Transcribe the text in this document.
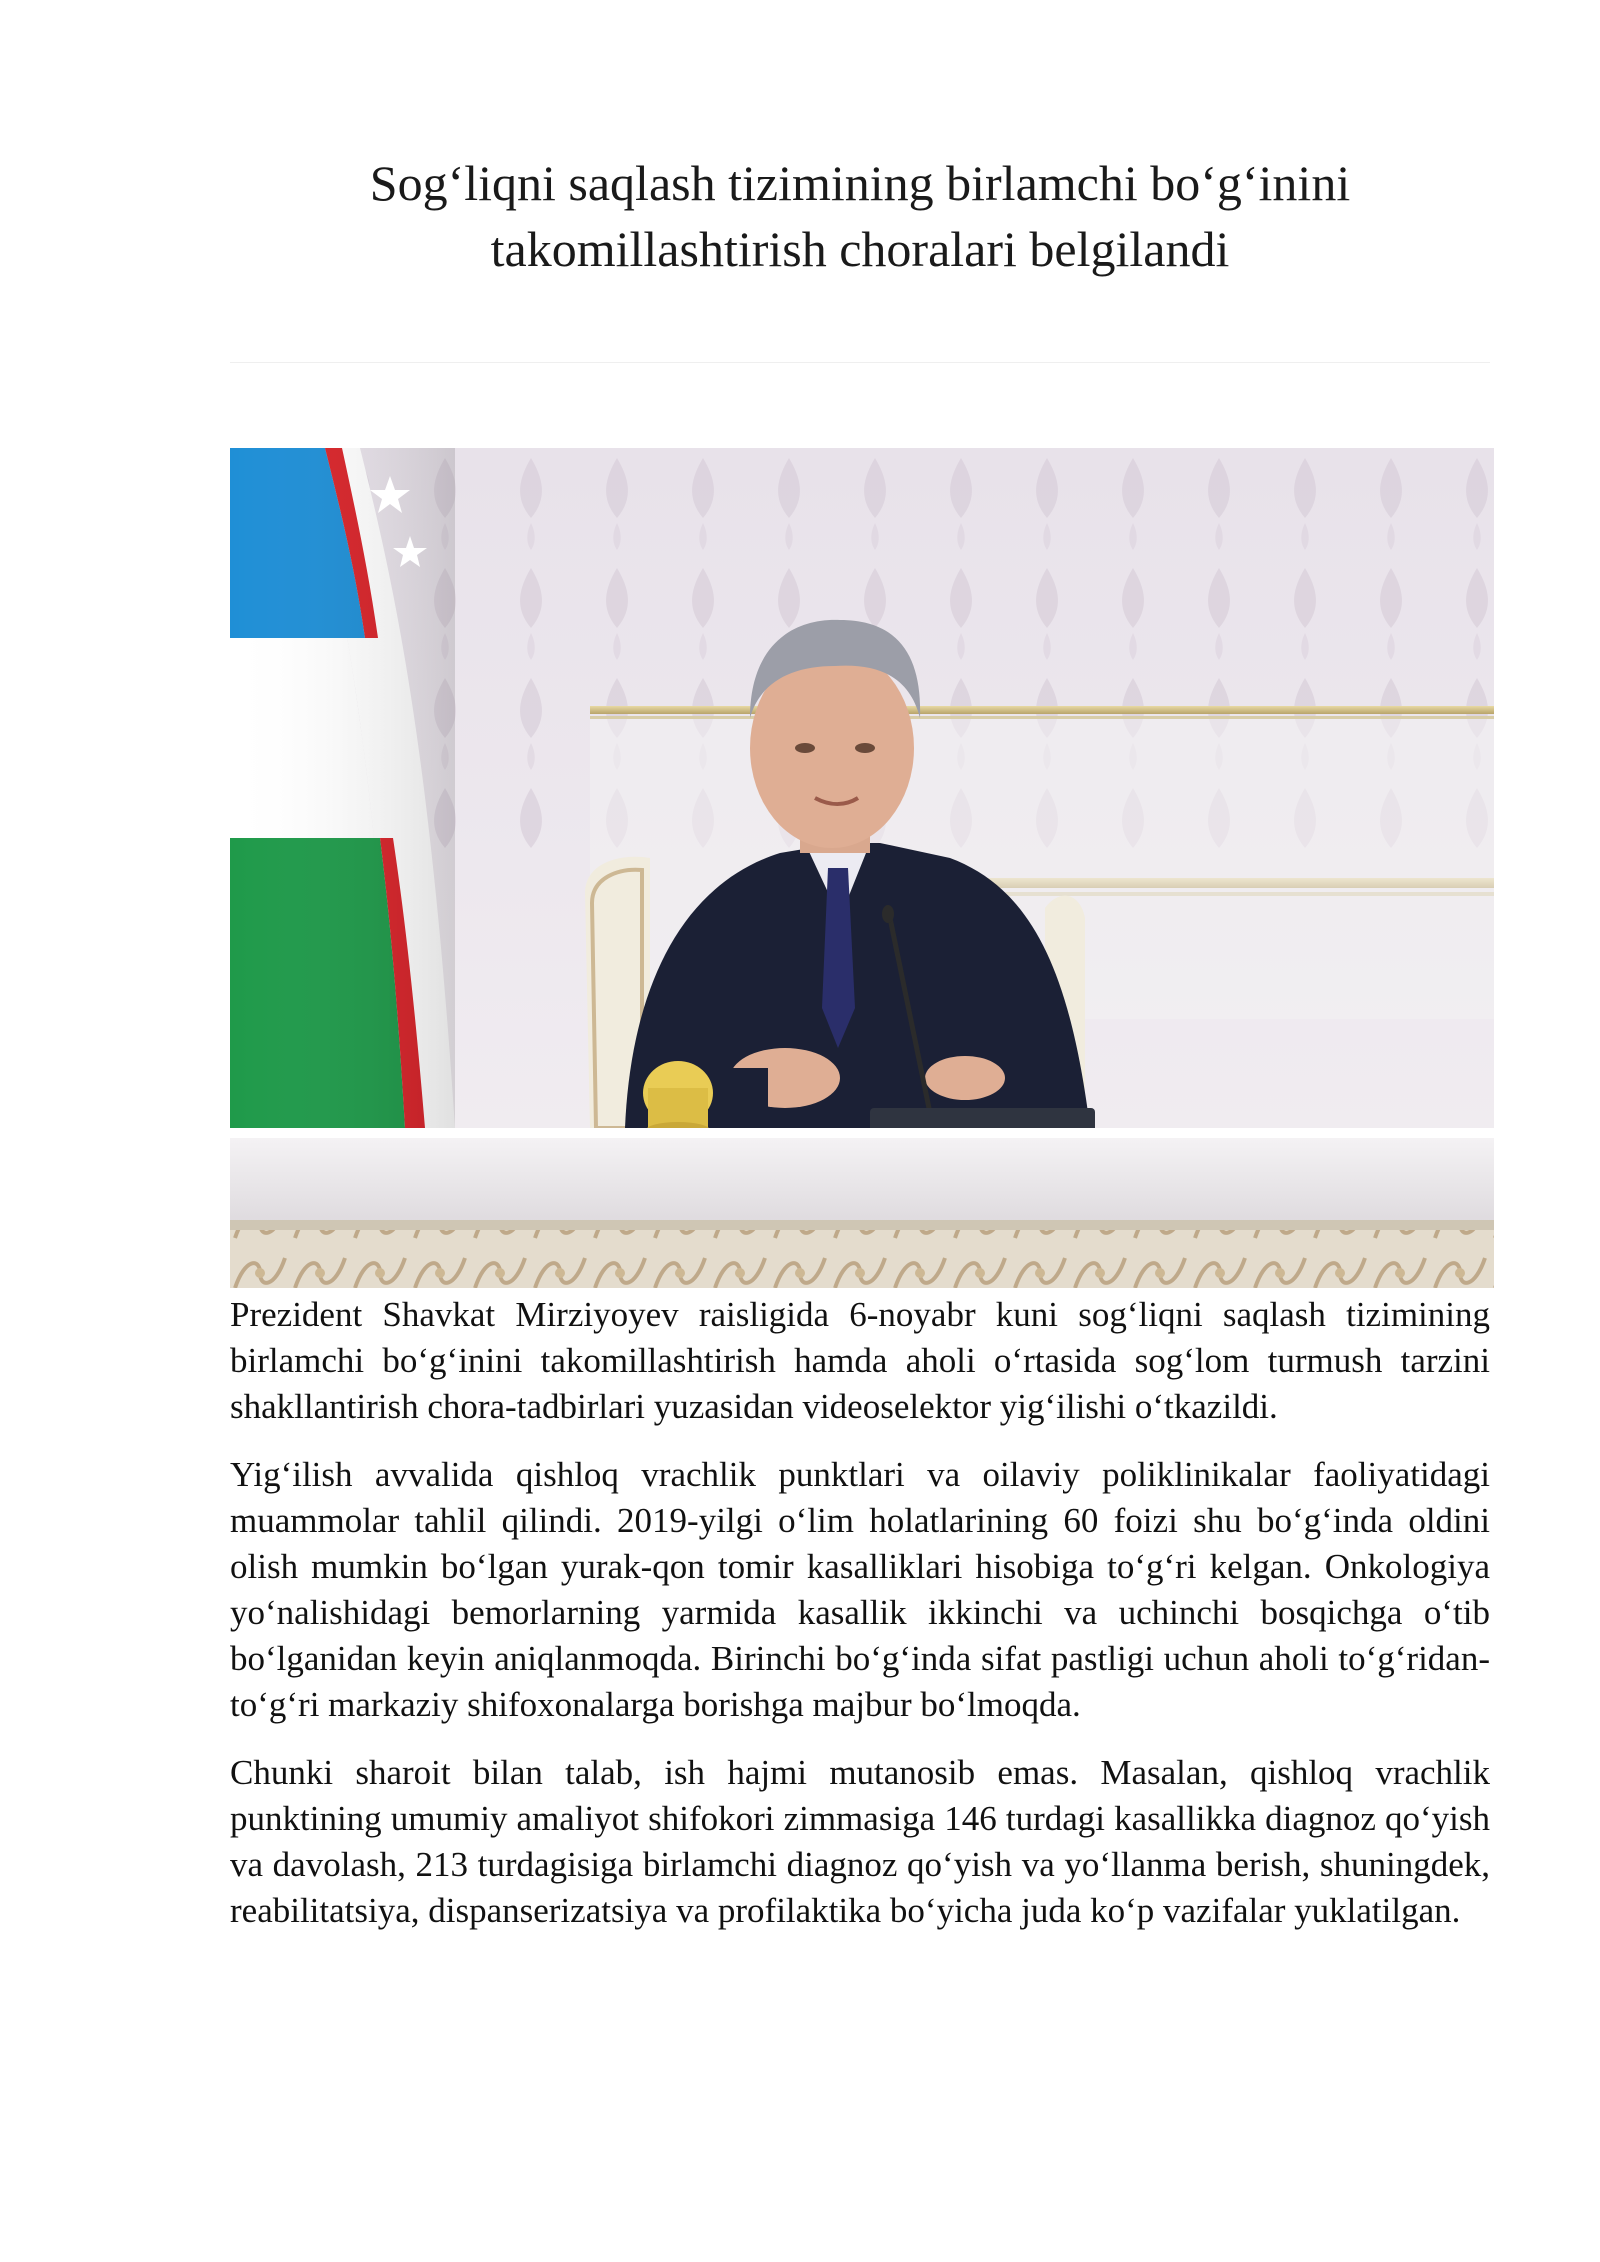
Sog‘liqni saqlash tizimining birlamchi bo‘g‘inini
takomillashtirish choralari belgilandi

Prezident Shavkat Mirziyoyev raisligida 6-noyabr kuni sog‘liqni saqlash tizimining birlamchi bo‘g‘inini takomillashtirish hamda aholi o‘rtasida sog‘lom turmush tarzini shakllantirish chora-tadbirlari yuzasidan videoselektor yig‘ilishi o‘tkazildi.

Yig‘ilish avvalida qishloq vrachlik punktlari va oilaviy poliklinikalar faoliyatidagi muammolar tahlil qilindi. 2019-yilgi o‘lim holatlarining 60 foizi shu bo‘g‘inda oldini olish mumkin bo‘lgan yurak-qon tomir kasalliklari hisobiga to‘g‘ri kelgan. Onkologiya yo‘nalishidagi bemorlarning yarmida kasallik ikkinchi va uchinchi bosqichga o‘tib bo‘lganidan keyin aniqlanmoqda. Birinchi bo‘g‘inda sifat pastligi uchun aholi to‘g‘ridan-to‘g‘ri markaziy shifoxonalarga borishga majbur bo‘lmoqda.

Chunki sharoit bilan talab, ish hajmi mutanosib emas. Masalan, qishloq vrachlik punktining umumiy amaliyot shifokori zimmasiga 146 turdagi kasallikka diagnoz qo‘yish va davolash, 213 turdagisiga birlamchi diagnoz qo‘yish va yo‘llanma berish, shuningdek, reabilitatsiya, dispanserizatsiya va profilaktika bo‘yicha juda ko‘p vazifalar yuklatilgan.
